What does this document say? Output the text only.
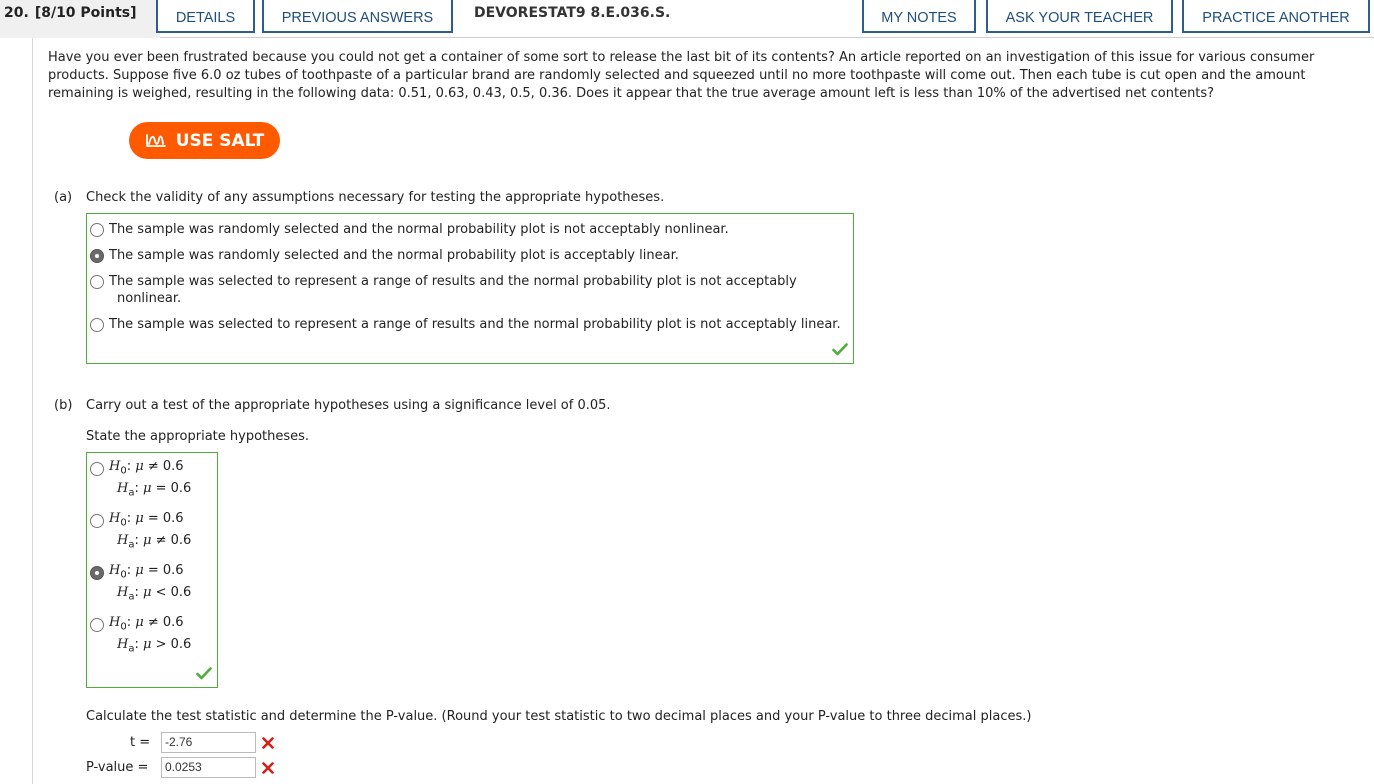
20. [8/10 Points]	DETAILS	PREVIOUS ANSWERS	DEVORESTAT9 8.E.036.S.	MY NOTES	ASK YOUR TEACHER	PRACTICE ANOTHER
Have you ever been frustrated because you could not get a container of some sort to release the last bit of its contents? An article reported on an investigation of this issue for various consumer products. Suppose five 6.0 oz tubes of toothpaste of a particular brand are randomly selected and squeezed until no more toothpaste will come out. Then each tube is cut open and the amount remaining is weighed, resulting in the following data: 0.51, 0.63, 0.43, 0.5, 0.36. Does it appear that the true average amount left is less than 10% of the advertised net contents?
USE SALT
(a) Check the validity of any assumptions necessary for testing the appropriate hypotheses.
The sample was randomly selected and the normal probability plot is not acceptably nonlinear.
The sample was randomly selected and the normal probability plot is acceptably linear.
The sample was selected to represent a range of results and the normal probability plot is not acceptably
nonlinear.
The sample was selected to represent a range of results and the normal probability plot is not acceptably linear.
(b) Carry out a test of the appropriate hypotheses using a significance level of 0.05.
State the appropriate hypotheses.
$H_0$: μ ≠ 0.6
$H_a$: μ = 0.6
$H_0$: μ = 0.6
$H_a$: μ ≠ 0.6
$H_0$: μ = 0.6
$H_a$: μ < 0.6
$H_0$: μ ≠ 0.6
$H_a$: μ > 0.6
Calculate the test statistic and determine the P-value. (Round your test statistic to two decimal places and your P-value to three decimal places.)
t =	-2.76
P-value =	0.0253
